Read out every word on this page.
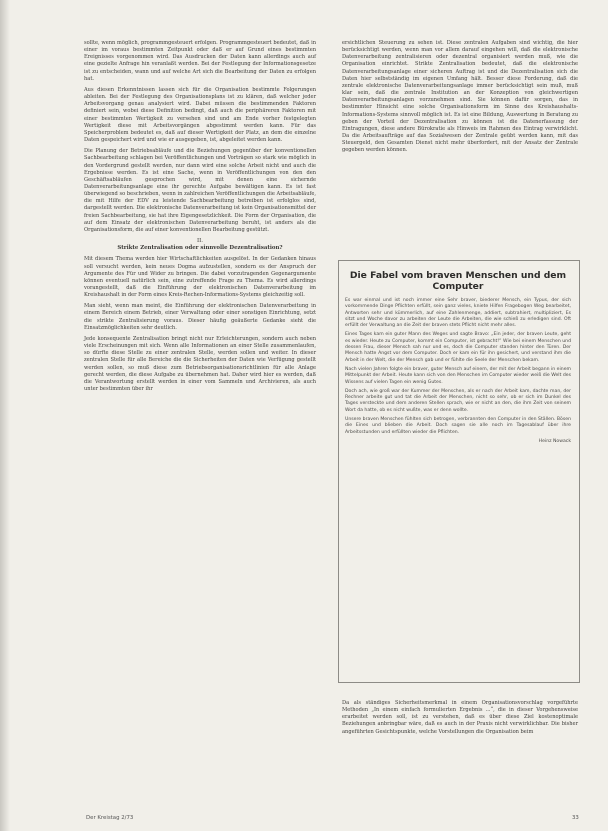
sollte, wenn möglich, programmgesteuert erfolgen. Programmgesteuert bedeutet, daß in einer im voraus bestimmten Zeitpunkt oder daß er auf Grund eines bestimmten Ereignisses vorgenommen wird. Das Ausdrucken der Daten kann allerdings auch auf eine gezielte Anfrage hin veranlaßt werden. Bei der Festlegung der Informationsgesetze ist zu entscheiden, wann und auf welche Art sich die Bearbeitung der Daten zu erfolgen hat.

Aus diesen Erkenntnissen lassen sich für die Organisation bestimmte Folgerungen ableiten. Bei der Festlegung des Organisationsplans ist zu klären, daß welcher jeder Arbeitsvorgang genau analysiert wird. Dabei müssen die bestimmenden Faktoren definiert sein, wobei diese Definition bedingt, daß auch die periphäreren Faktoren mit einer bestimmten Wertigkeit zu versehen sind und am Ende vorher festgelegten Wertigkeit diese mit Arbeitsvorgängen abgestimmt werden kann. Für das Speicherproblem bedeutet es, daß auf dieser Wertigkeit der Platz, an dem die einzelne Daten gespeichert wird und wie er ausgegeben, ist, abgeleitet werden kann.

Die Planung der Betriebsabläufe und die Beziehungen gegenüber der konventionellen Sachbearbeitung schlagen bei Veröffentlichungen und Vorträgen so stark wie möglich in den Vordergrund gestellt werden, nur dann wird eine solche Arbeit nicht und auch die Ergebnisse werden. Es ist eine Sache, wenn in Veröffentlichungen von den den Geschäftsabläufen gesprochen wird, mit denen eine sichernde Datenverarbeitungsanlage eine ihr gerechte Aufgabe bewältigen kann. Es ist fast überwiegend so beschrieben, wenn in zahlreichen Veröffentlichungen die Arbeitsabläufe, die mit Hilfe der EDV zu leistende Sachbearbeitung betreiben ist erfolglos sind, dargestellt werden. Die elektronische Datenverarbeitung ist kein Organisationsmittel der freien Sachbearbeitung, sie hat ihre Eigengesetzlichkeit. Die Form der Organisation, die auf dem Einsatz der elektronischen Datenverarbeitung beruht, ist anders als die Organisationsform, die auf einer konventionellen Bearbeitung gestützt.

II.
Strikte Zentralisation oder sinnvolle Dezentralisation?

Mit diesem Thema werden hier Wirtschaftlichkeiten ausgelöst. In der Gedanken hinaus soll versucht werden, kein neues Dogma aufzustellen, sondern es der Anspruch der Argumente des Für und Wider zu bringen. Die dabei vorzutragenden Gegenargumente können eventuell natürlich sein, eine zutreffende Frage zu Thema. Es wird allerdings vorangestellt, daß die Einführung der elektronischen Datenverarbeitung im Kreishaushalt in der Form eines Kreis-Rechen-Informations-Systems gleichzeitig soll.

Man sieht, wenn man meint, die Einführung der elektronischen Datenverarbeitung in einem Bereich einem Betrieb, einer Verwaltung oder einer sonstigen Einrichtung, setzt die strikte Zentralisierung voraus. Dieser häufig geäußerte Gedanke sieht die Einsatzmöglichkeiten sehr deutlich.

Jede konsequente Zentralisation bringt nicht nur Erleichterungen, sondern auch neben viele Erscheinungen mit sich. Wenn alle Informationen an einer Stelle zusammenlaufen, so dürfte diese Stelle zu einer zentralen Stelle, werden sollen und weiter. In dieser zentralen Stelle für alle Bereiche die die Sicherheiten der Daten wie Verfügung gestellt werden sollen, so muß diese zum Betriebsorganisationsrichtlinien für alle Anlage gerecht werden, die diese Aufgabe zu übernehmen hat. Daher wird hier es werden, daß die Verantwortung erstellt werden in einer vom Sammeln und Archivieren, als auch unter bestimmten über ihr

ersichtlichen Steuerung zu sehen ist. Diese zentralen Aufgaben sind wichtig, die hier berücksichtigt werden, wenn man vor allem darauf eingehen will, daß die elektronische Datenverarbeitung zentralisieren oder dezentral organisiert werden muß, wie die Organisation einrichtet. Strikte Zentralisation bedeutet, daß die elektronische Datenverarbeitungsanlage einer sicheren Auftrag ist und die Dezentralisation sich die Daten hier selbstständig im eigenen Umfang hält. Besser diese Forderung, daß die zentrale elektronische Datenverarbeitungsanlage immer berücksichtigt sein muß, muß klar sein, daß die zentrale Institution an der Konzeption von gleichwertigen Datenverarbeitungsanlagen vorzunehmen sind. Sie können dafür sorgen, das in bestimmter Hinsicht eine solche Organisationsform im Sinne des Kreishaushalts-Informations-Systems sinnvoll möglich ist. Es ist eine Bildung, Auswertung in Beratung zu geben der Vorteil der Dezentralisation zu können ist die Datenerfassung der Eintragungen, diese andere Bürokratie als Hinweis im Rahmen des Eintrag verwirklicht. Da die Arbeitsaufträge auf das Sozialwesen der Zentrale geübt werden kann, mit das Steuergeld, den Gesamten Dienst nicht mehr überfordert, mit der Ansatz der Zentrale gegeben werden können.

Die Fabel vom braven Menschen und dem Computer

Es war einmal und ist noch immer eine Sehr braver, biederer Mensch, ein Typus, der sich vorkommende Dinge Pflichten erfüllt, sein ganz vieles, kniete Hilfen Fragebogen Weg bearbeitet, Antworten sehr und kümmerlich, auf eine Zahlenmenge, addiert, subtrahiert, multipliziert, Es sitzt und Woche davor zu arbeiten der Leute die Arbeiten, die wie schieß zu erledigen sind. Oft erfüllt der Verwaltung an die Zeit der braven stets Pflicht nicht mehr alles.

Eines Tages kam ein guter Mann des Weges und sagte Bravo: „Ein jeder, der braven Leute, geht es wieder. Heute zu Computer, kommt ein Computer, ist gebracht!“ Wie bei einem Menschen und dessen Frau, dieser Mensch sah nur und es, doch die Computer standen hinter den Türen. Der Mensch hatte Angst vor dem Computer. Doch er kam ein für ihn gesichert, und verstand ihm die Arbeit in der Welt, die der Mensch gab und er fühlte die Seele der Menschen bekam.

Nach vielen Jahren folgte ein braver, guter Mensch auf einem, der mit der Arbeit begann in einem Mittelpunkt der Arbeit. Heute kann sich von den Menschen im Computer wieder weiß die Welt des Wissens auf vielen Tagen ein wenig Gutes.

Doch ach, wie groß war der Kummer der Menschen, als er nach der Arbeit kam, dachte man, der Rechner arbeite gut und tat die Arbeit der Menschen, nicht so sehr, ob er sich im Dunkel des Tages versteckte und dem anderen Stellen sprach, wie er nicht an den, die ihm Zeit von seinem Wort da hatte, ob es nicht wußte, was er denn wollte.

Unsere braven Menschen fühlten sich betrogen, verbrannten den Computer in den Ställen. Bösen die Eines und blieben die Arbeit. Doch sagen sie alle noch im Tagesablauf über ihre Arbeitsstunden und erfüllten wieder die Pflichten.

Heinz Nowack

Da als ständiges Sicherheitsmerkmal in einem Organisationsvorschlag vorgeführte Methoden „In einem einfach formulierten Ergebnis ...“, die in dieser Vorgehensweise erarbeitet werden soll, ist zu verstehen, daß es über diese Ziel kostenoptimale Beziehungen anbringbar wäre, daß es auch in der Praxis nicht verwirklichbar. Die bisher angeführten Gesichtspunkte, welche Vorstellungen die Organisation beim

Der Kreistag 2/73	33
